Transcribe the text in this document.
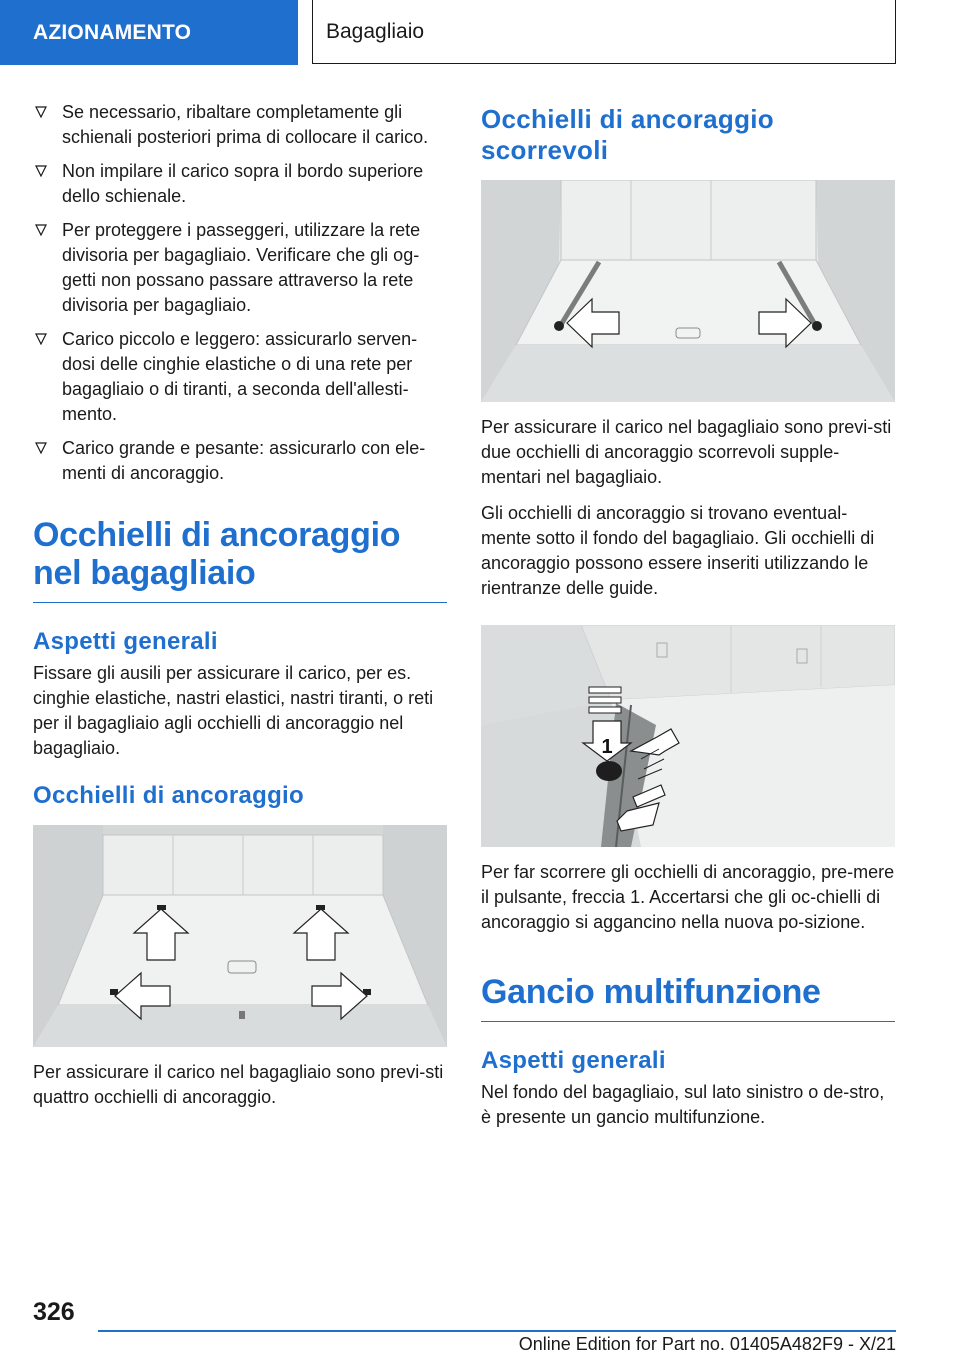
AZIONAMENTO	Bagagliaio
Se necessario, ribaltare completamente gli schienali posteriori prima di collocare il carico.
Non impilare il carico sopra il bordo superiore dello schienale.
Per proteggere i passeggeri, utilizzare la rete divisoria per bagagliaio. Verificare che gli og-getti non possano passare attraverso la rete divisoria per bagagliaio.
Carico piccolo e leggero: assicurarlo serven-dosi delle cinghie elastiche o di una rete per bagagliaio o di tiranti, a seconda dell'allesti-mento.
Carico grande e pesante: assicurarlo con ele-menti di ancoraggio.
Occhielli di ancoraggio nel bagagliaio
Aspetti generali

Fissare gli ausili per assicurare il carico, per es. cinghie elastiche, nastri elastici, nastri tiranti, o reti per il bagagliaio agli occhielli di ancoraggio nel bagagliaio.

Occhielli di ancoraggio

Per assicurare il carico nel bagagliaio sono previ-sti quattro occhielli di ancoraggio.

Occhielli di ancoraggio scorrevoli

Per assicurare il carico nel bagagliaio sono previ-sti due occhielli di ancoraggio scorrevoli supple-mentari nel bagagliaio.

Gli occhielli di ancoraggio si trovano eventual-mente sotto il fondo del bagagliaio. Gli occhielli di ancoraggio possono essere inseriti utilizzando le rientranze delle guide.

1

Per far scorrere gli occhielli di ancoraggio, pre-mere il pulsante, freccia 1. Accertarsi che gli oc-chielli di ancoraggio si aggancino nella nuova po-sizione.

Gancio multifunzione
Aspetti generali

Nel fondo del bagagliaio, sul lato sinistro o de-stro, è presente un gancio multifunzione.

326
Online Edition for Part no. 01405A482F9 - X/21
